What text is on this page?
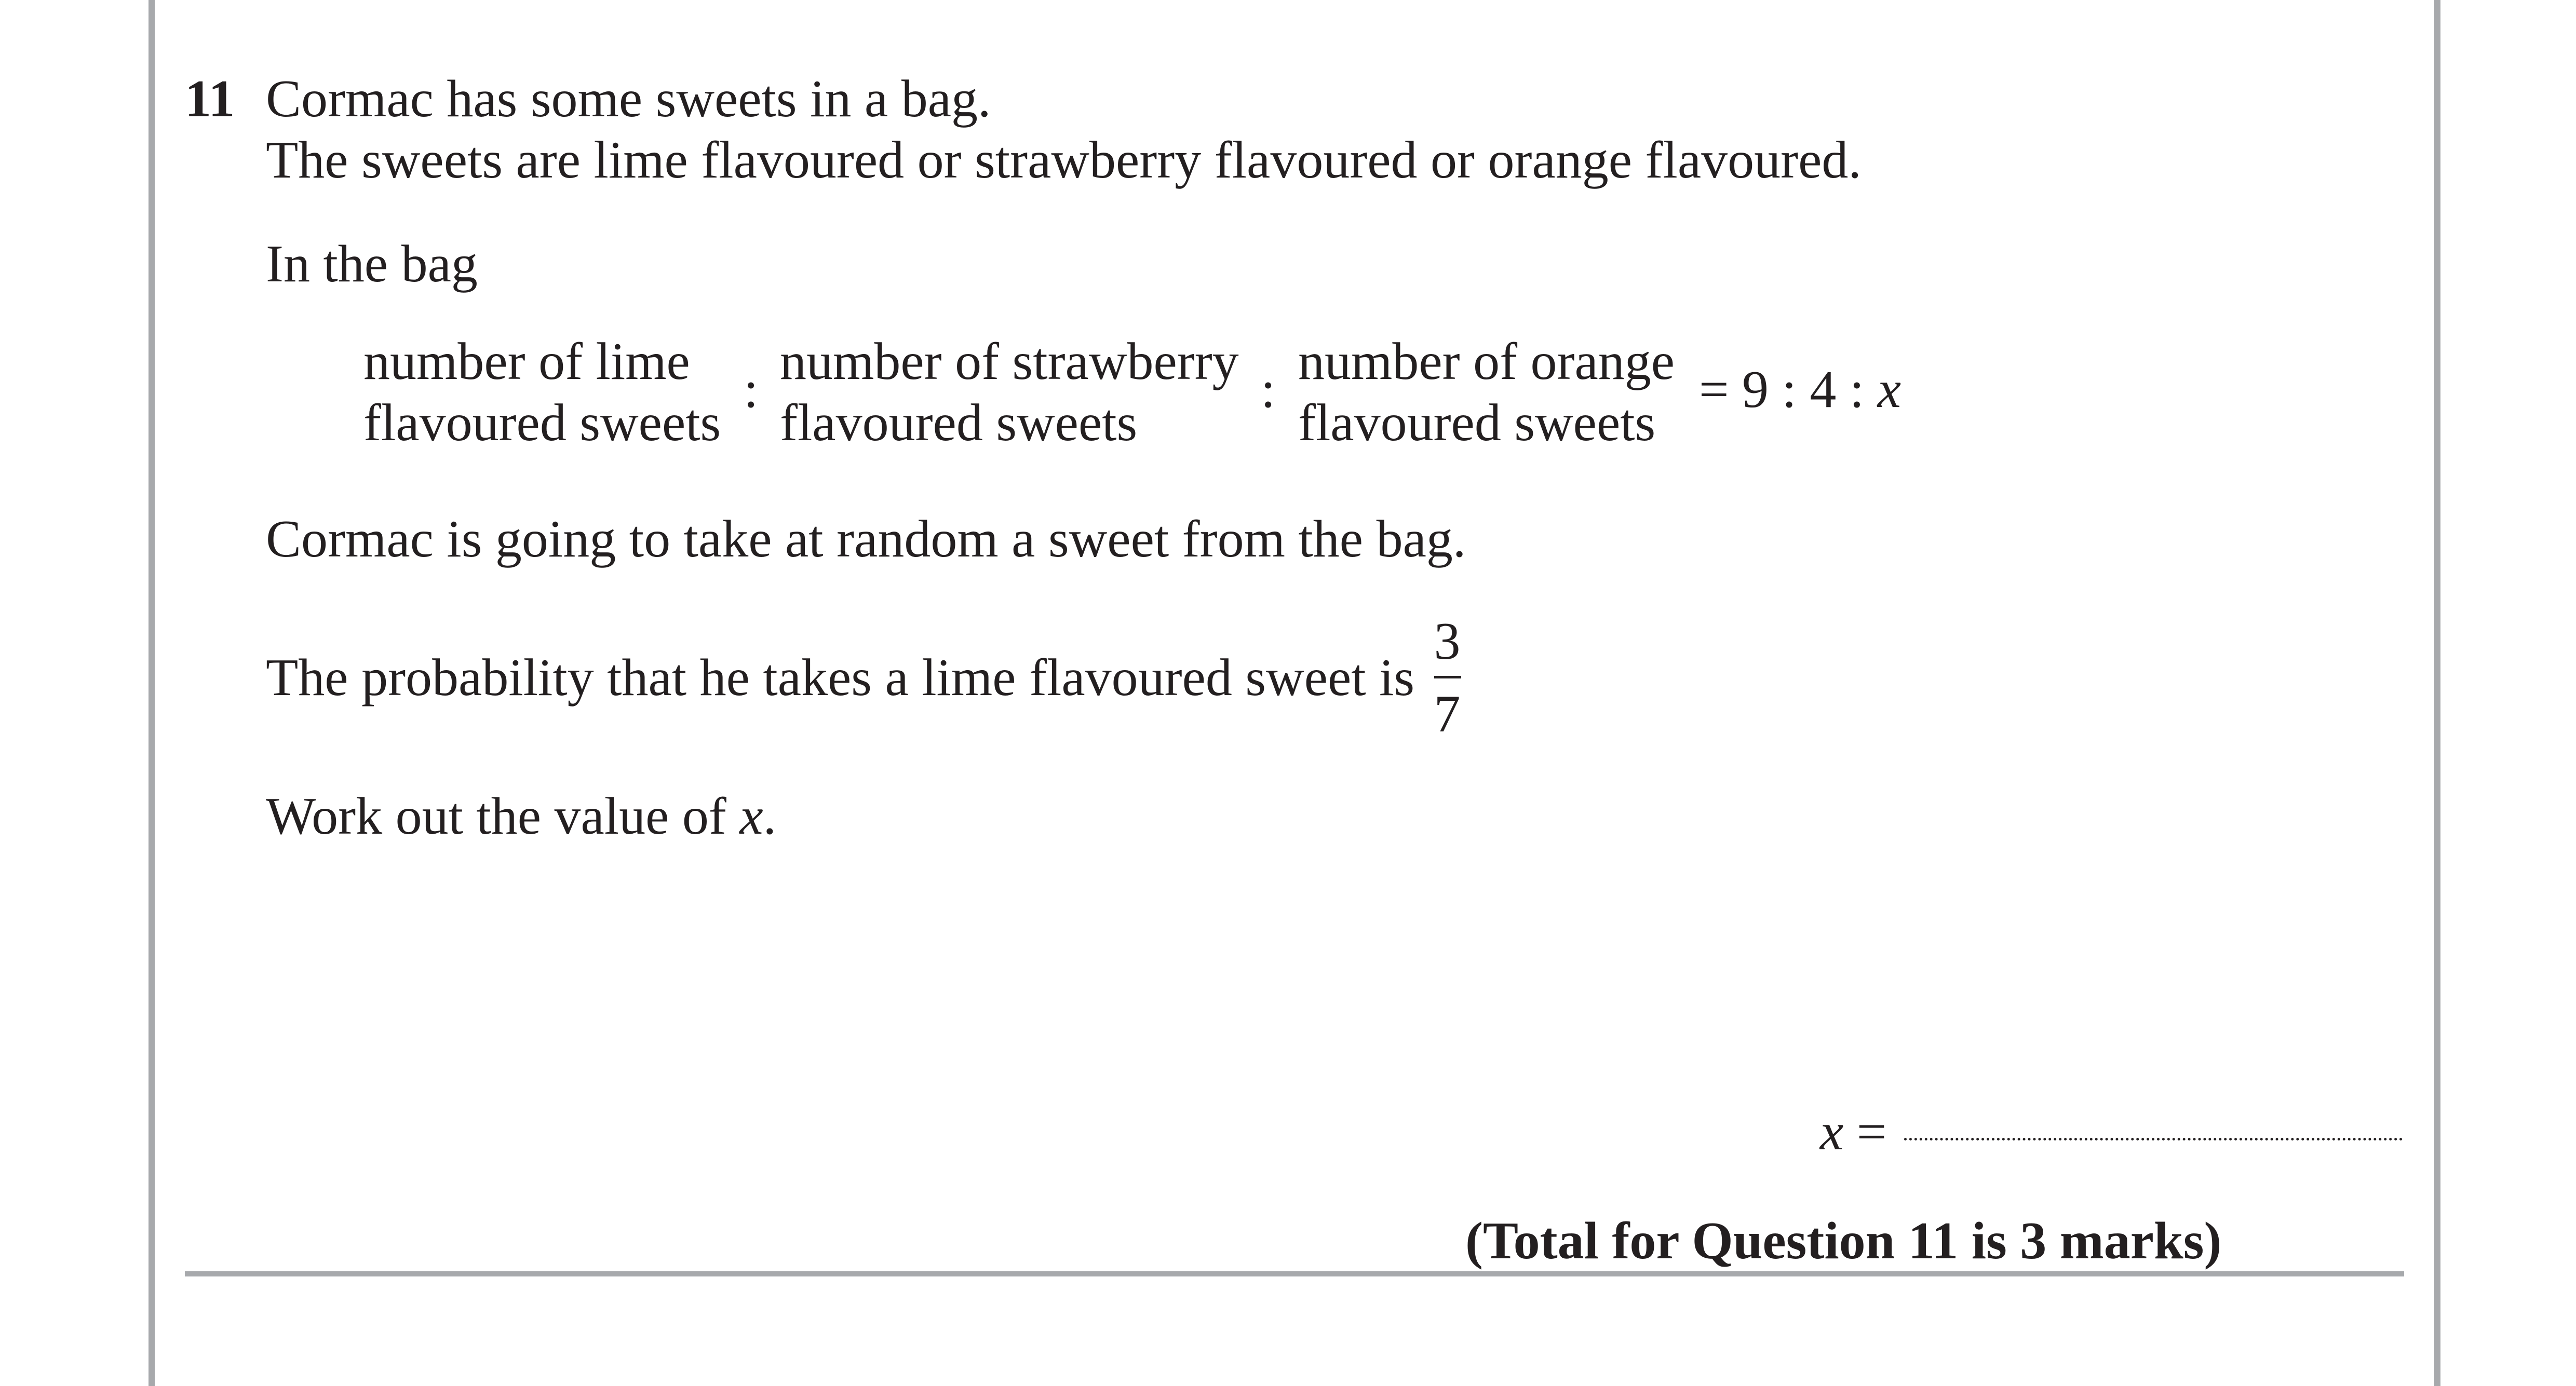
11 Cormac has some sweets in a bag.
The sweets are lime flavoured or strawberry flavoured or orange flavoured.
In the bag
number of lime
flavoured sweets
: number of strawberry
flavoured sweets
: number of orange
flavoured sweets
= 9 : 4 : x
Cormac is going to take at random a sweet from the bag.
The probability that he takes a lime flavoured sweet is
3
7
Work out the value of x.
x =
(Total for Question 11 is 3 marks)
